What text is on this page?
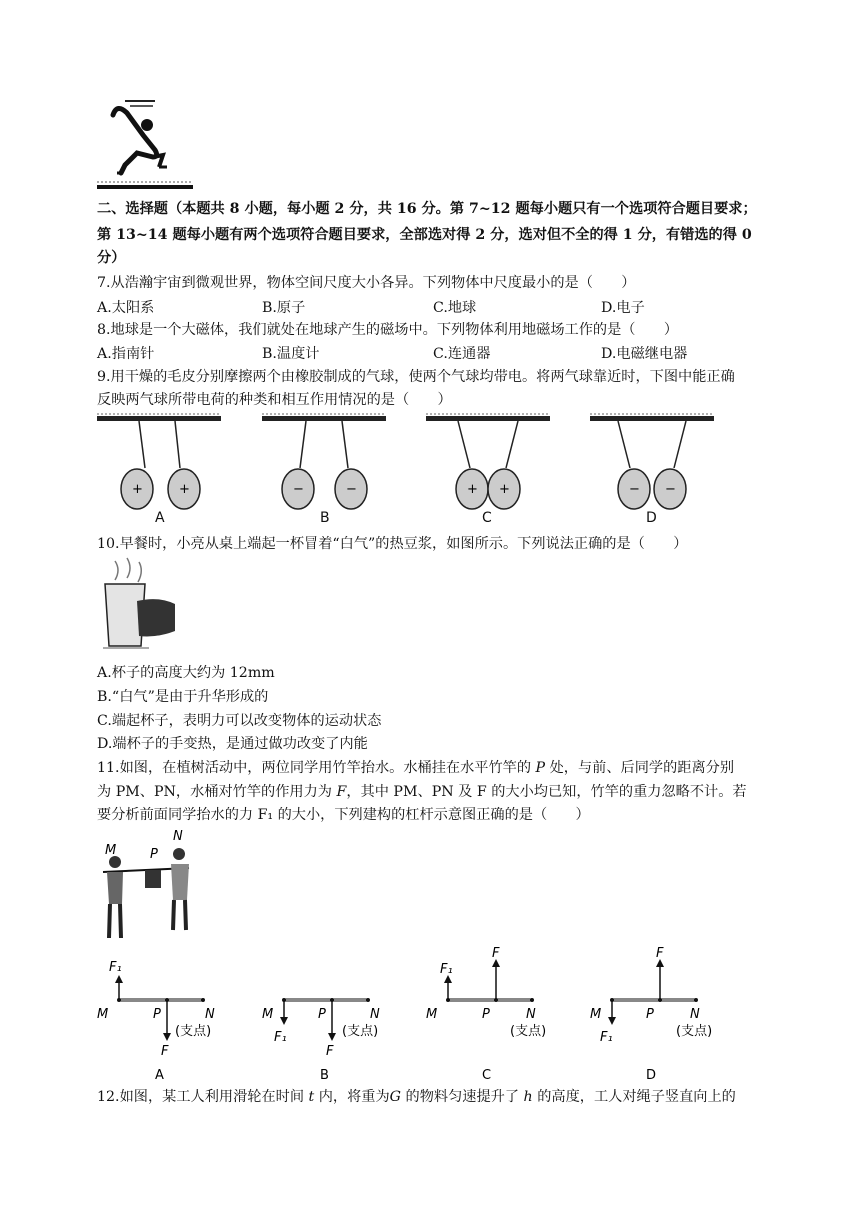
二、选择题（本题共 8 小题，每小题 2 分，共 16 分。第 7~12 题每小题只有一个选项符合题目要求；
第 13~14 题每小题有两个选项符合题目要求，全部选对得 2 分，选对但不全的得 1 分，有错选的得 0
分）
7.从浩瀚宇宙到微观世界，物体空间尺度大小各异。下列物体中尺度最小的是（　　）
A.太阳系	B.原子	C.地球	D.电子
8.地球是一个大磁体，我们就处在地球产生的磁场中。下列物体利用地磁场工作的是（　　）
A.指南针	B.温度计	C.连通器	D.电磁继电器
9.用干燥的毛皮分别摩擦两个由橡胶制成的气球，使两个气球均带电。将两气球靠近时，下图中能正确
反映两气球所带电荷的种类和相互作用情况的是（　　）
+	+
A
−	−
B
+ +
C
− −
D
10.早餐时，小亮从桌上端起一杯冒着“白气”的热豆浆，如图所示。下列说法正确的是（　　）
A.杯子的高度大约为 12mm
B.“白气”是由于升华形成的
C.端起杯子，表明力可以改变物体的运动状态
D.端杯子的手变热，是通过做功改变了内能
11.如图，在植树活动中，两位同学用竹竿抬水。水桶挂在水平竹竿的 P 处，与前、后同学的距离分别
为 PM、PN，水桶对竹竿的作用力为 F，其中 PM、PN 及 F 的大小均已知，竹竿的重力忽略不计。若
要分析前面同学抬水的力 F₁ 的大小，下列建构的杠杆示意图正确的是（　　）
M	P
N
F₁
M	P	N
(支点)
F
A
M
F₁
P	N
(支点)
F
B
F₁
F
M	P	N
(支点)
C
F
M
F₁
P	N
(支点)
D
12.如图，某工人利用滑轮在时间 t 内，将重为G 的物料匀速提升了 h 的高度，工人对绳子竖直向上的
